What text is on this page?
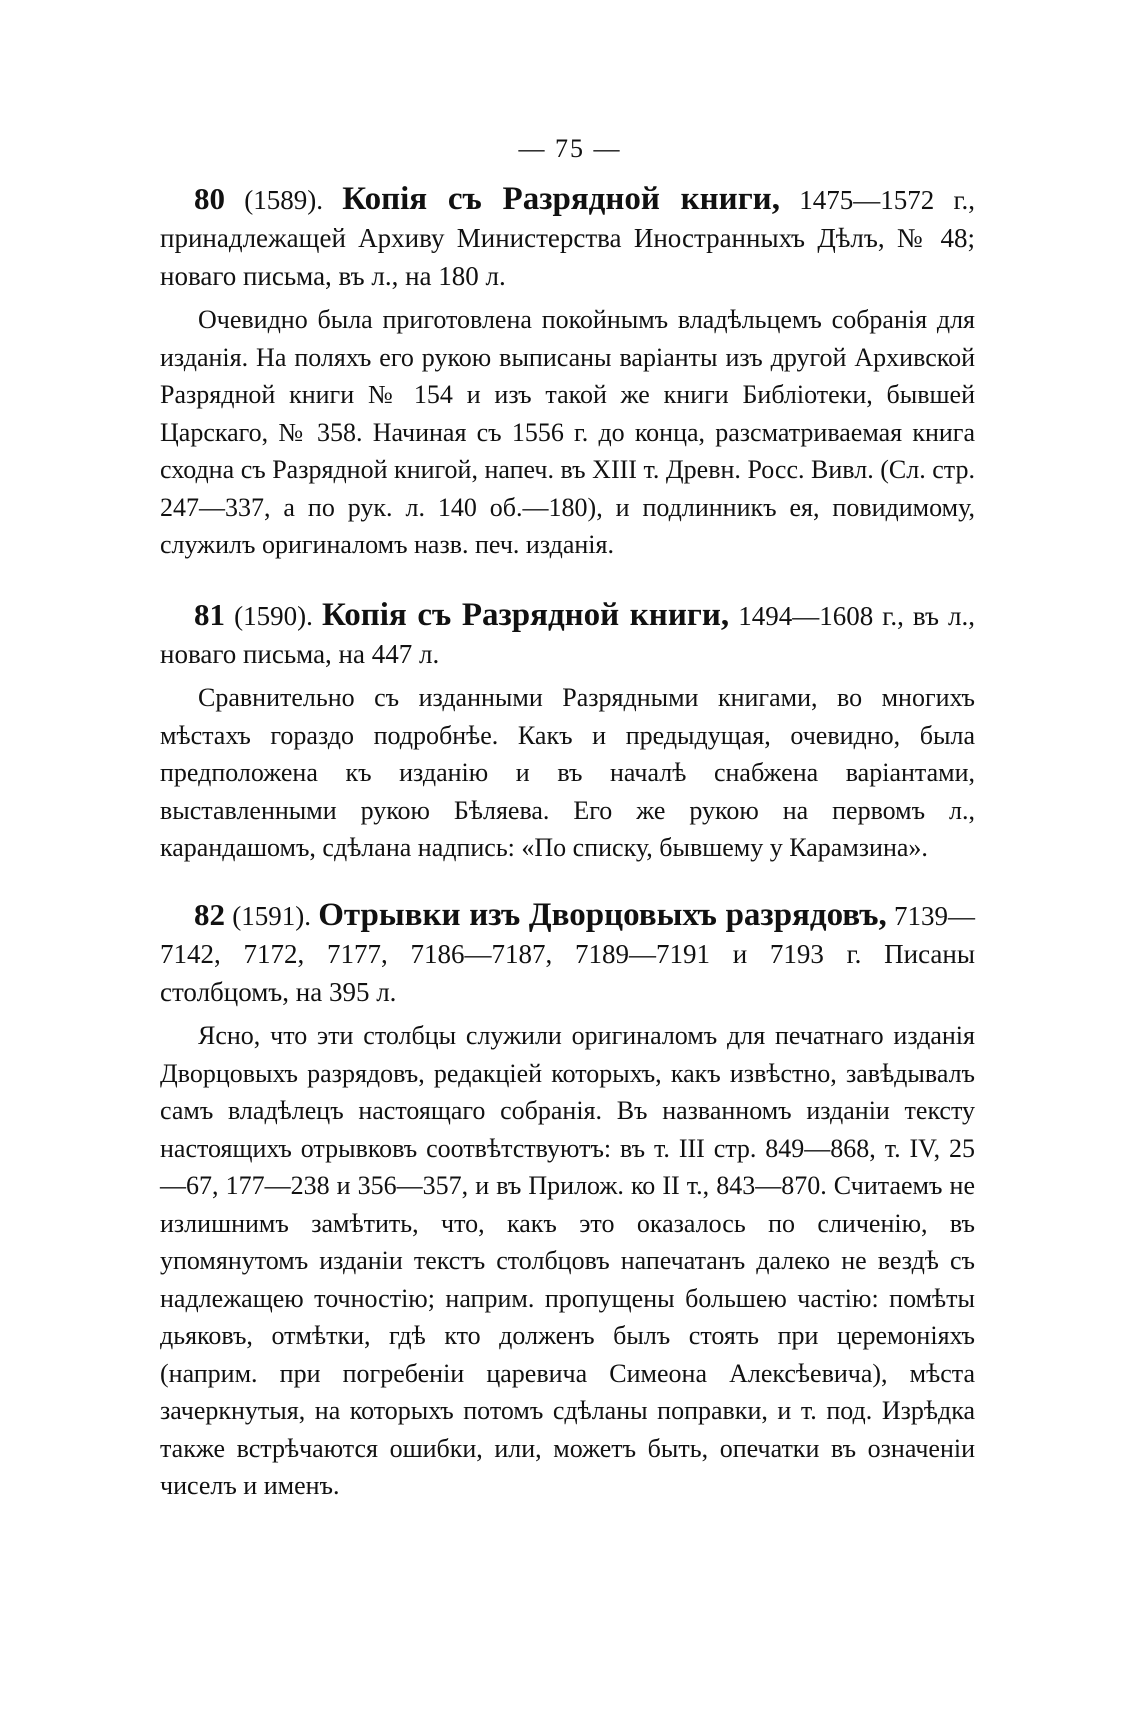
— 75 —

80 (1589). Копія съ Разрядной книги, 1475—1572 г., принадлежащей Архиву Министерства Иностранныхъ Дѣлъ, № 48; новаго письма, въ л., на 180 л.

Очевидно была приготовлена покойнымъ владѣльцемъ собранія для изданія. На поляхъ его рукою выписаны варіанты изъ другой Архивской Разрядной книги № 154 и изъ такой же книги Библіотеки, бывшей Царскаго, № 358. Начиная съ 1556 г. до конца, разсматриваемая книга сходна съ Разрядной книгой, напеч. въ XIII т. Древн. Росс. Вивл. (Сл. стр. 247—337, а по рук. л. 140 об.—180), и подлинникъ ея, повидимому, служилъ оригиналомъ назв. печ. изданія.

81 (1590). Копія съ Разрядной книги, 1494—1608 г., въ л., новаго письма, на 447 л.

Сравнительно съ изданными Разрядными книгами, во многихъ мѣстахъ гораздо подробнѣе. Какъ и предыдущая, очевидно, была предположена къ изданію и въ началѣ снабжена варіантами, выставленными рукою Бѣляева. Его же рукою на первомъ л., карандашомъ, сдѣлана надпись: «По списку, бывшему у Карамзина».

82 (1591). Отрывки изъ Дворцовыхъ разрядовъ, 7139—7142, 7172, 7177, 7186—7187, 7189—7191 и 7193 г. Писаны столбцомъ, на 395 л.

Ясно, что эти столбцы служили оригиналомъ для печатнаго изданія Дворцовыхъ разрядовъ, редакціей которыхъ, какъ извѣстно, завѣдывалъ самъ владѣлецъ настоящаго собранія. Въ названномъ изданіи тексту настоящихъ отрывковъ соотвѣтствуютъ: въ т. III стр. 849—868, т. IV, 25—67, 177—238 и 356—357, и въ Прилож. ко II т., 843—870. Считаемъ не излишнимъ замѣтить, что, какъ это оказалось по сличенію, въ упомянутомъ изданіи текстъ столбцовъ напечатанъ далеко не вездѣ съ надлежащею точностію; наприм. пропущены большею частію: помѣты дьяковъ, отмѣтки, гдѣ кто долженъ былъ стоять при церемоніяхъ (наприм. при погребеніи царевича Симеона Алексѣевича), мѣста зачеркнутыя, на которыхъ потомъ сдѣланы поправки, и т. под. Изрѣдка также встрѣчаются ошибки, или, можетъ быть, опечатки въ означеніи чиселъ и именъ.
